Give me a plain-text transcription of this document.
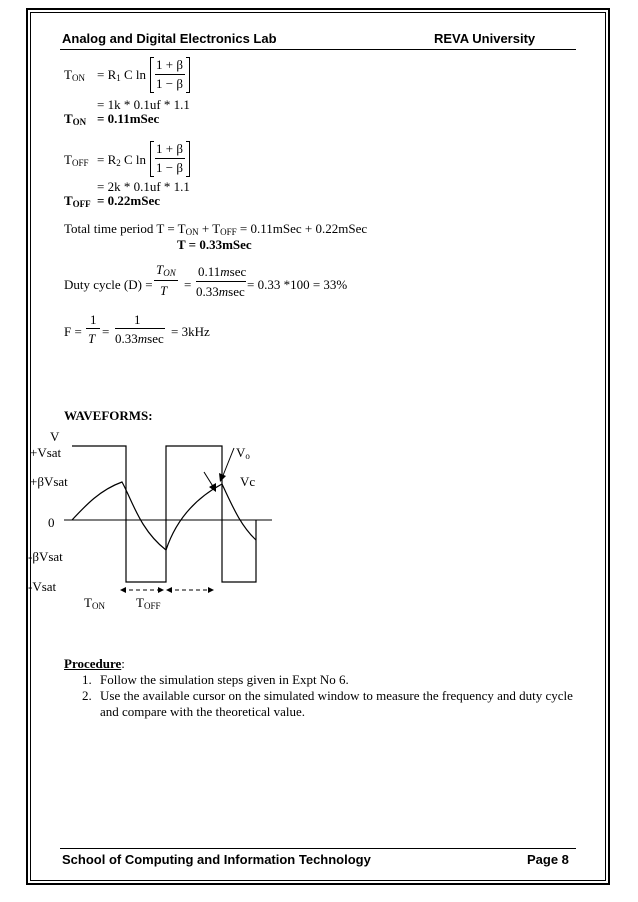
Analog and Digital Electronics Lab	REVA University
$T_{ON} = R_1$ C ln
1 + β
1 − β
= 1k * 0.1uf * 1.1
$T_{ON}$ = 0.11mSec
$T_{OFF} = R_2$ C ln
1 + β
1 − β
= 2k * 0.1uf * 1.1
$T_{OFF}$ = 0.22mSec
Total time period $T = T_{ON} + T_{OFF}$ = 0.11mSec + 0.22mSec
T = 0.33mSec
Duty cycle (D) =
$T_{ON}$
T =
0.11msec
0.33msec = 0.33 *100 = 33%
F =
1
T =
1
0.33msec = 3kHz
WAVEFORMS:
V
+Vsat
+βVsat
0
-βVsat
-Vsat
$V_o$
Vc
$T_{ON}$ $T_{OFF}$
Procedure:
1. Follow the simulation steps given in Expt No 6.
2. Use the available cursor on the simulated window to measure the frequency and duty cycle
and compare with the theoretical value.
School of Computing and Information Technology	Page 8
